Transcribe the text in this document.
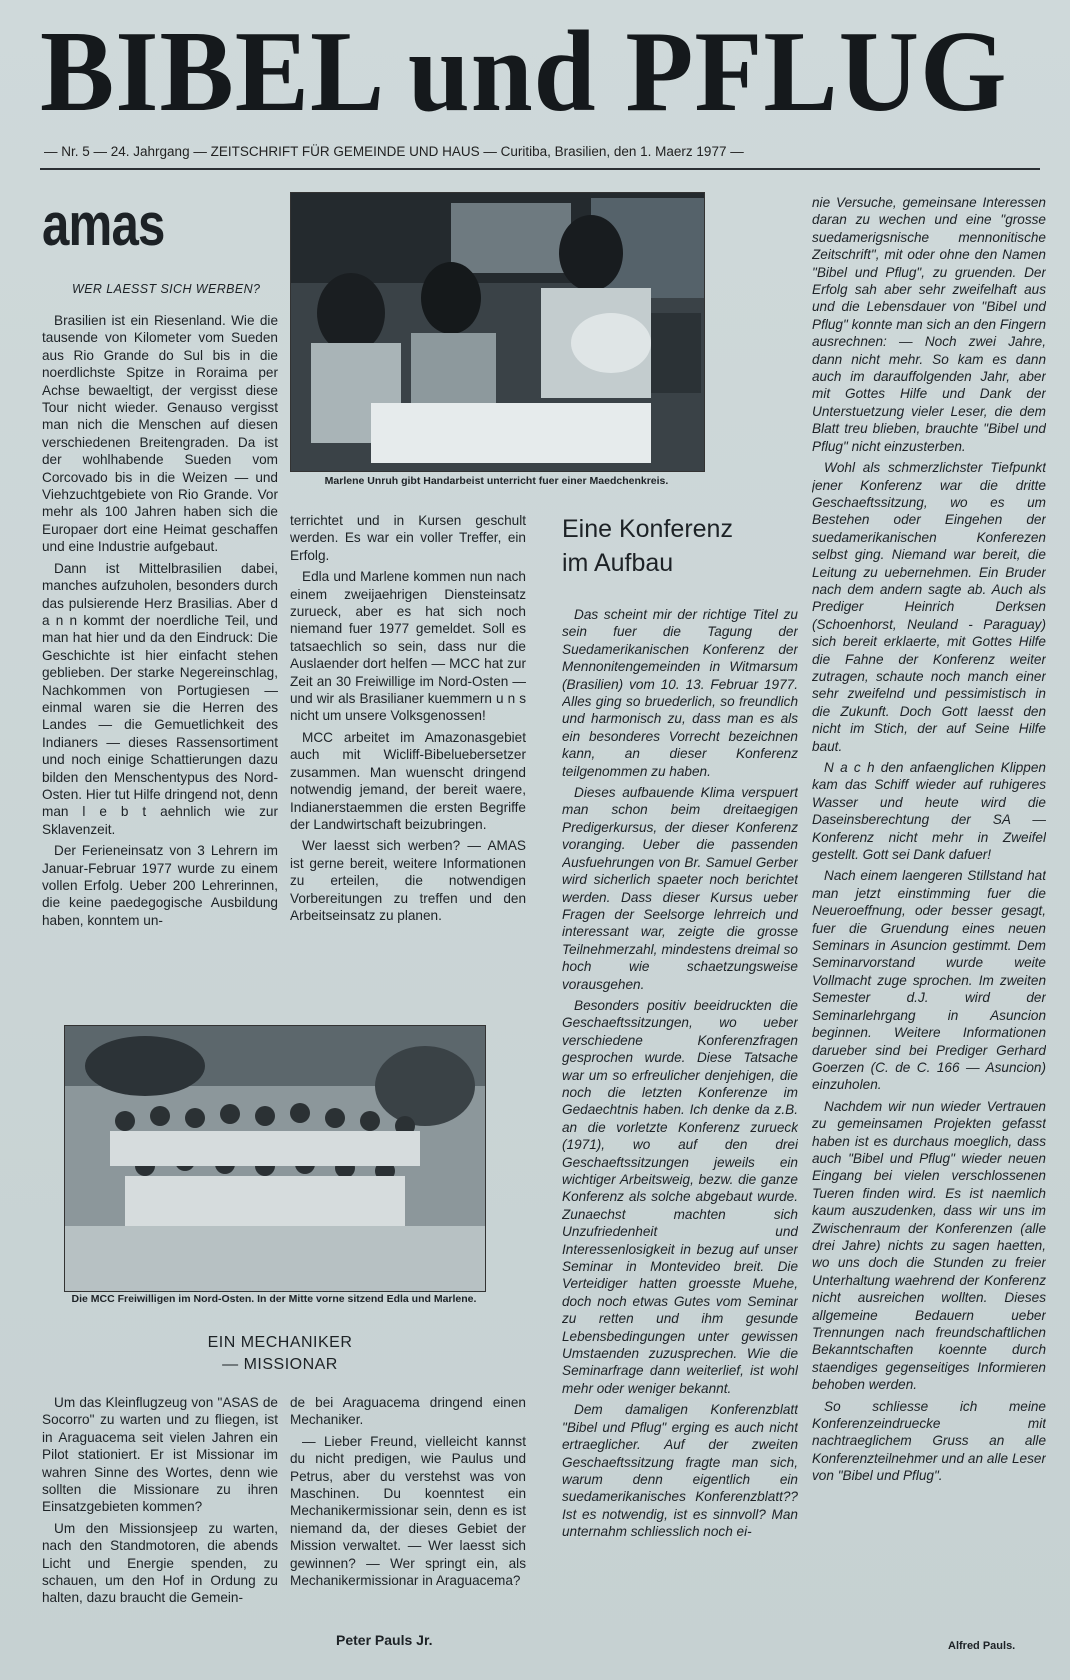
BIBEL und PFLUG
— Nr. 5 — 24. Jahrgang — ZEITSCHRIFT FÜR GEMEINDE UND HAUS — Curitiba, Brasilien, den 1. Maerz 1977 —
amas
WER LAESST SICH WERBEN?

Brasilien ist ein Riesenland. Wie die tausende von Kilometer vom Sueden aus Rio Grande do Sul bis in die noerdlichste Spitze in Roraima per Achse bewaeltigt, der vergisst diese Tour nicht wieder. Genauso vergisst man nich die Menschen auf diesen verschiedenen Breitengraden. Da ist der wohlhabende Sueden vom Corcovado bis in die Weizen — und Viehzuchtgebiete von Rio Grande. Vor mehr als 100 Jahren haben sich die Europaer dort eine Heimat geschaffen und eine Industrie aufgebaut.

Dann ist Mittelbrasilien dabei, manches aufzuholen, besonders durch das pulsierende Herz Brasilias. Aber d a n n kommt der noerdliche Teil, und man hat hier und da den Eindruck: Die Geschichte ist hier einfacht stehen geblieben. Der starke Negereinschlag, Nachkommen von Portugiesen — einmal waren sie die Herren des Landes — die Gemuetlichkeit des Indianers — dieses Rassensortiment und noch einige Schattierungen dazu bilden den Menschentypus des Nord-Osten. Hier tut Hilfe dringend not, denn man l e b t aehnlich wie zur Sklavenzeit.

Der Ferieneinsatz von 3 Lehrern im Januar-Februar 1977 wurde zu einem vollen Erfolg. Ueber 200 Lehrerinnen, die keine paedegogische Ausbildung haben, konntem un-

terrichtet und in Kursen geschult werden. Es war ein voller Treffer, ein Erfolg.

Edla und Marlene kommen nun nach einem zweijaehrigen Diensteinsatz zurueck, aber es hat sich noch niemand fuer 1977 gemeldet. Soll es tatsaechlich so sein, dass nur die Auslaender dort helfen — MCC hat zur Zeit an 30 Freiwillige im Nord-Osten — und wir als Brasilianer kuemmern u n s nicht um unsere Volksgenossen!

MCC arbeitet im Amazonasgebiet auch mit Wicliff-Bibeluebersetzer zusammen. Man wuenscht dringend notwendig jemand, der bereit waere, Indianerstaemmen die ersten Begriffe der Landwirtschaft beizubringen.

Wer laesst sich werben? — AMAS ist gerne bereit, weitere Informationen zu erteilen, die notwendigen Vorbereitungen zu treffen und den Arbeitseinsatz zu planen.

Marlene Unruh gibt Handarbeist unterricht fuer einer Maedchenkreis.
Die MCC Freiwilligen im Nord-Osten. In der Mitte vorne sitzend Edla und Marlene.
EIN MECHANIKER
— MISSIONAR

Um das Kleinflugzeug von "ASAS de Socorro" zu warten und zu fliegen, ist in Araguacema seit vielen Jahren ein Pilot stationiert. Er ist Missionar im wahren Sinne des Wortes, denn wie sollten die Missionare zu ihren Einsatzgebieten kommen?

Um den Missionsjeep zu warten, nach den Standmotoren, die abends Licht und Energie spenden, zu schauen, um den Hof in Ordung zu halten, dazu braucht die Gemein-

de bei Araguacema dringend einen Mechaniker.

— Lieber Freund, vielleicht kannst du nicht predigen, wie Paulus und Petrus, aber du verstehst was von Maschinen. Du koenntest ein Mechanikermissionar sein, denn es ist niemand da, der dieses Gebiet der Mission verwaltet. — Wer laesst sich gewinnen? — Wer springt ein, als Mechanikermissionar in Araguacema?

Peter Pauls Jr.
Eine Konferenz
im Aufbau

Das scheint mir der richtige Titel zu sein fuer die Tagung der Suedamerikanischen Konferenz der Mennonitengemeinden in Witmarsum (Brasilien) vom 10. 13. Februar 1977. Alles ging so bruederlich, so freundlich und harmonisch zu, dass man es als ein besonderes Vorrecht bezeichnen kann, an dieser Konferenz teilgenommen zu haben.

Dieses aufbauende Klima verspuert man schon beim dreitaegigen Predigerkursus, der dieser Konferenz voranging. Ueber die passenden Ausfuehrungen von Br. Samuel Gerber wird sicherlich spaeter noch berichtet werden. Dass dieser Kursus ueber Fragen der Seelsorge lehrreich und interessant war, zeigte die grosse Teilnehmerzahl, mindestens dreimal so hoch wie schaetzungsweise vorausgehen.

Besonders positiv beeidruckten die Geschaeftssitzungen, wo ueber verschiedene Konferenzfragen gesprochen wurde. Diese Tatsache war um so erfreulicher denjehigen, die noch die letzten Konferenze im Gedaechtnis haben. Ich denke da z.B. an die vorletzte Konferenz zurueck (1971), wo auf den drei Geschaeftssitzungen jeweils ein wichtiger Arbeitsweig, bezw. die ganze Konferenz als solche abgebaut wurde. Zunaechst machten sich Unzufriedenheit und Interessenlosigkeit in bezug auf unser Seminar in Montevideo breit. Die Verteidiger hatten groesste Muehe, doch noch etwas Gutes vom Seminar zu retten und ihm gesunde Lebensbedingungen unter gewissen Umstaenden zuzusprechen. Wie die Seminarfrage dann weiterlief, ist wohl mehr oder weniger bekannt.

Dem damaligen Konferenzblatt "Bibel und Pflug" erging es auch nicht ertraeglicher. Auf der zweiten Geschaeftssitzung fragte man sich, warum denn eigentlich ein suedamerikanisches Konferenzblatt?? Ist es notwendig, ist es sinnvoll? Man unternahm schliesslich noch ei-

nie Versuche, gemeinsane Interessen daran zu wechen und eine "grosse suedamerigsnische mennonitische Zeitschrift", mit oder ohne den Namen "Bibel und Pflug", zu gruenden. Der Erfolg sah aber sehr zweifelhaft aus und die Lebensdauer von "Bibel und Pflug" konnte man sich an den Fingern ausrechnen: — Noch zwei Jahre, dann nicht mehr. So kam es dann auch im darauffolgenden Jahr, aber mit Gottes Hilfe und Dank der Unterstuetzung vieler Leser, die dem Blatt treu blieben, brauchte "Bibel und Pflug" nicht einzusterben.

Wohl als schmerzlichster Tiefpunkt jener Konferenz war die dritte Geschaeftssitzung, wo es um Bestehen oder Eingehen der suedamerikanischen Konferezen selbst ging. Niemand war bereit, die Leitung zu uebernehmen. Ein Bruder nach dem andern sagte ab. Auch als Prediger Heinrich Derksen (Schoenhorst, Neuland - Paraguay) sich bereit erklaerte, mit Gottes Hilfe die Fahne der Konferenz weiter zutragen, schaute noch manch einer sehr zweifelnd und pessimistisch in die Zukunft. Doch Gott laesst den nicht im Stich, der auf Seine Hilfe baut.

N a c h den anfaenglichen Klippen kam das Schiff wieder auf ruhigeres Wasser und heute wird die Daseinsberechtung der SA — Konferenz nicht mehr in Zweifel gestellt. Gott sei Dank dafuer!

Nach einem laengeren Stillstand hat man jetzt einstimming fuer die Neueroeffnung, oder besser gesagt, fuer die Gruendung eines neuen Seminars in Asuncion gestimmt. Dem Seminarvorstand wurde weite Vollmacht zuge sprochen. Im zweiten Semester d.J. wird der Seminarlehrgang in Asuncion beginnen. Weitere Informationen darueber sind bei Prediger Gerhard Goerzen (C. de C. 166 — Asuncion) einzuholen.

Nachdem wir nun wieder Vertrauen zu gemeinsamen Projekten gefasst haben ist es durchaus moeglich, dass auch "Bibel und Pflug" wieder neuen Eingang bei vielen verschlossenen Tueren finden wird. Es ist naemlich kaum auszudenken, dass wir uns im Zwischenraum der Konferenzen (alle drei Jahre) nichts zu sagen haetten, wo uns doch die Stunden zu freier Unterhaltung waehrend der Konferenz nicht ausreichen wollten. Dieses allgemeine Bedauern ueber Trennungen nach freundschaftlichen Bekanntschaften koennte durch staendiges gegenseitiges Informieren behoben werden.

So schliesse ich meine Konferenzeindruecke mit nachtraeglichem Gruss an alle Konferenzteilnehmer und an alle Leser von "Bibel und Pflug".

Alfred Pauls.
